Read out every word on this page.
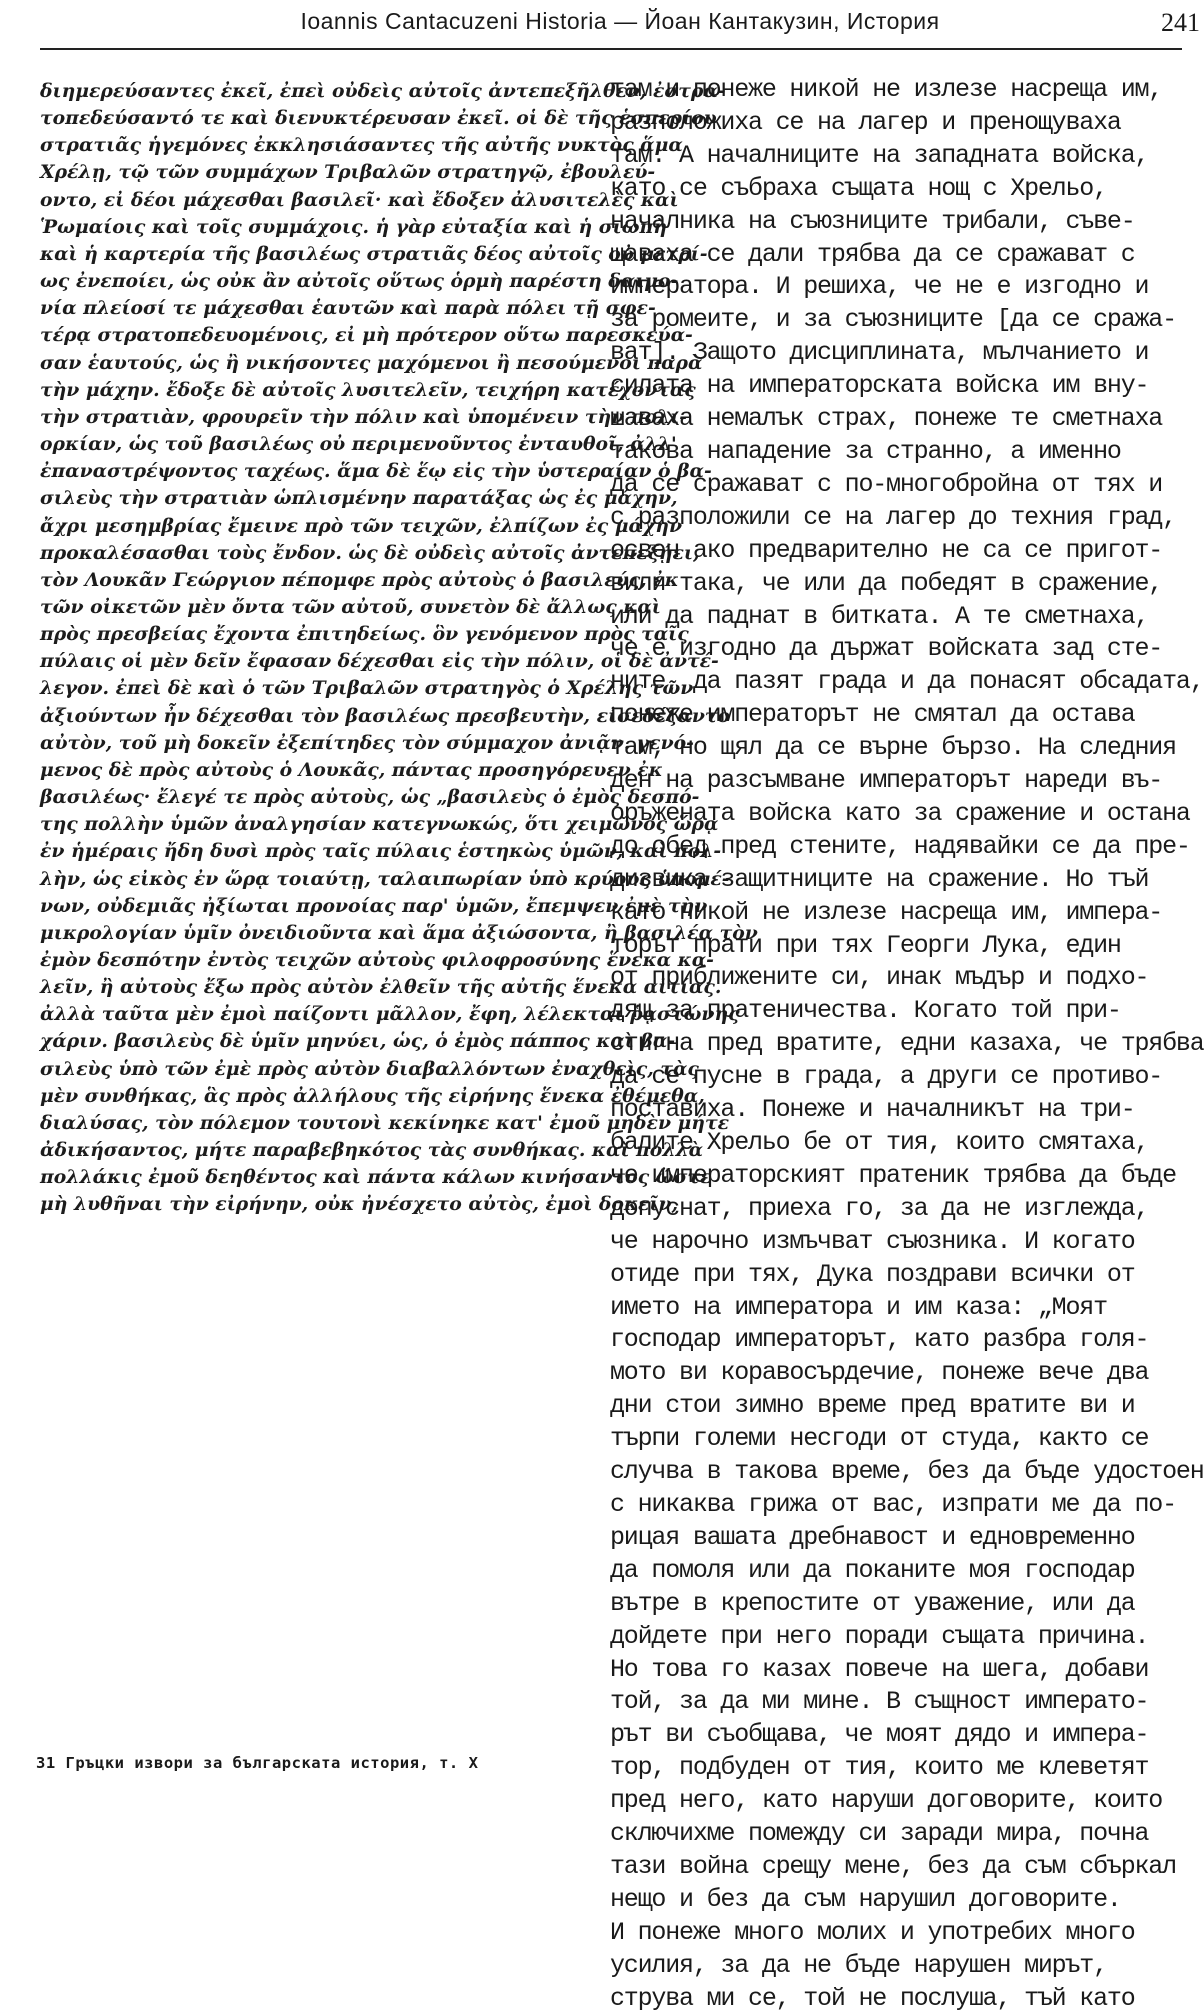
Ioannis Cantacuzeni Historia — Йоан Кантакузин, История	241
διημερεύσαντες ἐκεῖ, ἐπεὶ οὐδεὶς αὐτοῖς ἀντεπεξῆλθεν, ἐστρα-
τοπεδεύσαντό τε καὶ διενυκτέρευσαν ἐκεῖ. οἱ δὲ τῆς ἑσπερίου
στρατιᾶς ἡγεμόνες ἐκκλησιάσαντες τῆς αὐτῆς νυκτὸς ἅμα
Χρέλῃ, τῷ τῶν συμμάχων Τριβαλῶν στρατηγῷ, ἐβουλεύ-
οντο, εἰ δέοι μάχεσθαι βασιλεῖ· καὶ ἔδοξεν ἀλυσιτελὲς καὶ
Ῥωμαίοις καὶ τοῖς συμμάχοις. ἡ γὰρ εὐταξία καὶ ἡ σιωπὴ
καὶ ἡ καρτερία τῆς βασιλέως στρατιᾶς δέος αὐτοῖς οὐ μετρί-
ως ἐνεποίει, ὡς οὐκ ἂν αὐτοῖς οὕτως ὁρμὴ παρέστη δαιμο-
νία πλείοσί τε μάχεσθαι ἑαυτῶν καὶ παρὰ πόλει τῇ σφε-
τέρᾳ στρατοπεδευομένοις, εἰ μὴ πρότερον οὕτω παρεσκεύα-
σαν ἑαυτούς, ὡς ἢ νικήσοντες μαχόμενοι ἢ πεσούμενοι παρὰ
τὴν μάχην. ἔδοξε δὲ αὐτοῖς λυσιτελεῖν, τειχήρη κατέχοντας
τὴν στρατιὰν, φρουρεῖν τὴν πόλιν καὶ ὑπομένειν τὴν πολι-
ορκίαν, ὡς τοῦ βασιλέως οὐ περιμενοῦντος ἐνταυθοῖ, ἀλλ'
ἐπαναστρέψοντος ταχέως. ἅμα δὲ ἕῳ εἰς τὴν ὑστεραίαν ὁ βα-
σιλεὺς τὴν στρατιὰν ὡπλισμένην παρατάξας ὡς ἐς μάχην,
ἄχρι μεσημβρίας ἔμεινε πρὸ τῶν τειχῶν, ἐλπίζων ἐς μάχην
προκαλέσασθαι τοὺς ἔνδον. ὡς δὲ οὐδεὶς αὐτοῖς ἀντεπεξῄει,
τὸν Λουκᾶν Γεώργιον πέπομφε πρὸς αὐτοὺς ὁ βασιλεύς, ἐκ
τῶν οἰκετῶν μὲν ὄντα τῶν αὐτοῦ, συνετὸν δὲ ἄλλως καὶ
πρὸς πρεσβείας ἔχοντα ἐπιτηδείως. ὃν γενόμενον πρὸς ταῖς
πύλαις οἱ μὲν δεῖν ἔφασαν δέχεσθαι εἰς τὴν πόλιν, οἱ δὲ ἀντέ-
λεγον. ἐπεὶ δὲ καὶ ὁ τῶν Τριβαλῶν στρατηγὸς ὁ Χρέλης τῶν
ἀξιούντων ἦν δέχεσθαι τὸν βασιλέως πρεσβευτὴν, εἰσεδέξαντο
αὐτὸν, τοῦ μὴ δοκεῖν ἐξεπίτηδες τὸν σύμμαχον ἀνιᾷν. γενό-
μενος δὲ πρὸς αὐτοὺς ὁ Λουκᾶς, πάντας προσηγόρευεν ἐκ
βασιλέως· ἔλεγέ τε πρὸς αὐτοὺς, ὡς „βασιλεὺς ὁ ἐμὸς δεσπό-
της πολλὴν ὑμῶν ἀναλγησίαν κατεγνωκώς, ὅτι χειμῶνος ὥρᾳ
ἐν ἡμέραις ἤδη δυσὶ πρὸς ταῖς πύλαις ἑστηκὼς ὑμῶν, καὶ πολ-
λὴν, ὡς εἰκὸς ἐν ὥρᾳ τοιαύτῃ, ταλαιπωρίαν ὑπὸ κρύους ὑπομέ-
νων, οὐδεμιᾶς ἠξίωται προνοίας παρ' ὑμῶν, ἔπεμψεν ἐμὲ τὴν
μικρολογίαν ὑμῖν ὀνειδιοῦντα καὶ ἅμα ἀξιώσοντα, ἢ βασιλέα τὸν
ἐμὸν δεσπότην ἐντὸς τειχῶν αὐτοὺς φιλοφροσύνης ἕνεκα κα-
λεῖν, ἢ αὐτοὺς ἔξω πρὸς αὐτὸν ἐλθεῖν τῆς αὐτῆς ἕνεκα αἰτίας.
ἀλλὰ ταῦτα μὲν ἐμοὶ παίζοντι μᾶλλον, ἔφη, λέλεκται ῥᾳστώνης
χάριν. βασιλεὺς δὲ ὑμῖν μηνύει, ὡς, ὁ ἐμὸς πάππος καὶ βα-
σιλεὺς ὑπὸ τῶν ἐμὲ πρὸς αὐτὸν διαβαλλόντων ἐναχθεὶς, τὰς
μὲν συνθήκας, ἃς πρὸς ἀλλήλους τῆς εἰρήνης ἕνεκα ἐθέμεθα,
διαλύσας, τὸν πόλεμον τουτονὶ κεκίνηκε κατ' ἐμοῦ μηδὲν μήτε
ἀδικήσαντος, μήτε παραβεβηκότος τὰς συνθήκας. καὶ πολλὰ
πολλάκις ἐμοῦ δεηθέντος καὶ πάντα κάλων κινήσαντος ὥστε
μὴ λυθῆναι τὴν εἰρήνην, οὐκ ἠνέσχετο αὐτὸς, ἐμοὶ δοκεῖν,
там и понеже никой не излезе насреща им,
разположиха се на лагер и пренощуваха
там. А началниците на западната войска,
като се събраха същата нощ с Хрельо,
началника на съюзниците трибали, съве-
щаваха се дали трябва да се сражават с
императора. И решиха, че не е изгодно и
за ромеите, и за съюзниците [да се сража-
ват]. Защото дисциплината, мълчанието и
силата на императорската войска им вну-
шаваха немалък страх, понеже те сметнаха
такова нападение за странно, а именно
да се сражават с по-многобройна от тях и
с разположили се на лагер до техния град,
освен ако предварително не са се пригот-
вили така, че или да победят в сражение,
или да паднат в битката. А те сметнаха,
че е изгодно да държат войската зад сте-
ните, да пазят града и да понасят обсадата,
понеже императорът не смятал да остава
там, но щял да се върне бързо. На следния
ден на разсъмване императорът нареди въ-
оръжената войска като за сражение и остана
до обед пред стените, надявайки се да пре-
дизвика защитниците на сражение. Но тъй
като никой не излезе насреща им, импера-
торът прати при тях Георги Лука, един
от приближените си, инак мъдър и подхо-
дящ за пратеничества. Когато той при-
стигна пред вратите, едни казаха, че трябва
да се пусне в града, а други се противо-
поставиха. Понеже и началникът на три-
балите Хрельо бе от тия, които смятаха,
че императорският пратеник трябва да бъде
допуснат, приеха го, за да не изглежда,
че нарочно измъчват съюзника. И когато
отиде при тях, Дука поздрави всички от
името на императора и им каза: „Моят
господар императорът, като разбра голя-
мото ви коравосърдечие, понеже вече два
дни стои зимно време пред вратите ви и
търпи големи несгоди от студа, както се
случва в такова време, без да бъде удостоен
с никаква грижа от вас, изпрати ме да по-
рицая вашата дребнавост и едновременно
да помоля или да поканите моя господар
вътре в крепостите от уважение, или да
дойдете при него поради същата причина.
Но това го казах повече на шега, добави
той, за да ми мине. В същност императо-
рът ви съобщава, че моят дядо и импера-
тор, подбуден от тия, които ме клеветят
пред него, като наруши договорите, които
сключихме помежду си заради мира, почна
тази война срещу мене, без да съм сбъркал
нещо и без да съм нарушил договорите.
И понеже много молих и употребих много
усилия, за да не бъде нарушен мирът,
струва ми се, той не послуша, тъй като
31 Гръцки извори за българската история, т. X
